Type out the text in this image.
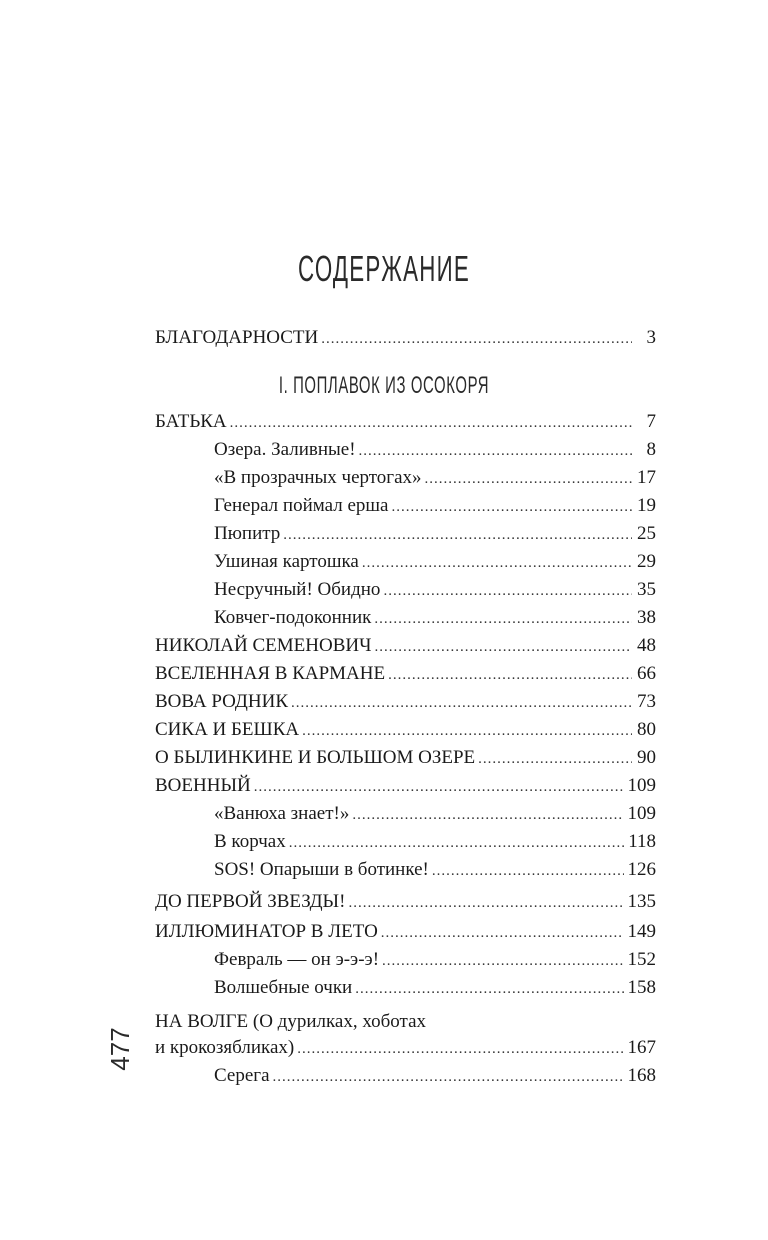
СОДЕРЖАНИЕ
БЛАГОДАРНОСТИ .....	3
I. ПОПЛАВОК ИЗ ОСОКОРЯ
БАТЬКА .....	7
Озера. Заливные! .....	8
«В прозрачных чертогах» .....	17
Генерал поймал ерша .....	19
Пюпитр .....	25
Ушиная картошка .....	29
Несручный! Обидно .....	35
Ковчег-подоконник .....	38
НИКОЛАЙ СЕМЕНОВИЧ .....	48
ВСЕЛЕННАЯ В КАРМАНЕ .....	66
ВОВА РОДНИК .....	73
СИКА И БЕШКА .....	80
О БЫЛИНКИНЕ И БОЛЬШОМ ОЗЕРЕ .....	90
ВОЕННЫЙ .....	109
«Ванюха знает!» .....	109
В корчах .....	118
SOS! Опарыши в ботинке! .....	126
ДО ПЕРВОЙ ЗВЕЗДЫ! .....	135
ИЛЛЮМИНАТОР В ЛЕТО .....	149
Февраль — он э-э-э! .....	152
Волшебные очки .....	158
НА ВОЛГЕ (О дурилках, хоботах
и крокозябликах) .....	167
Серега .....	168
477
